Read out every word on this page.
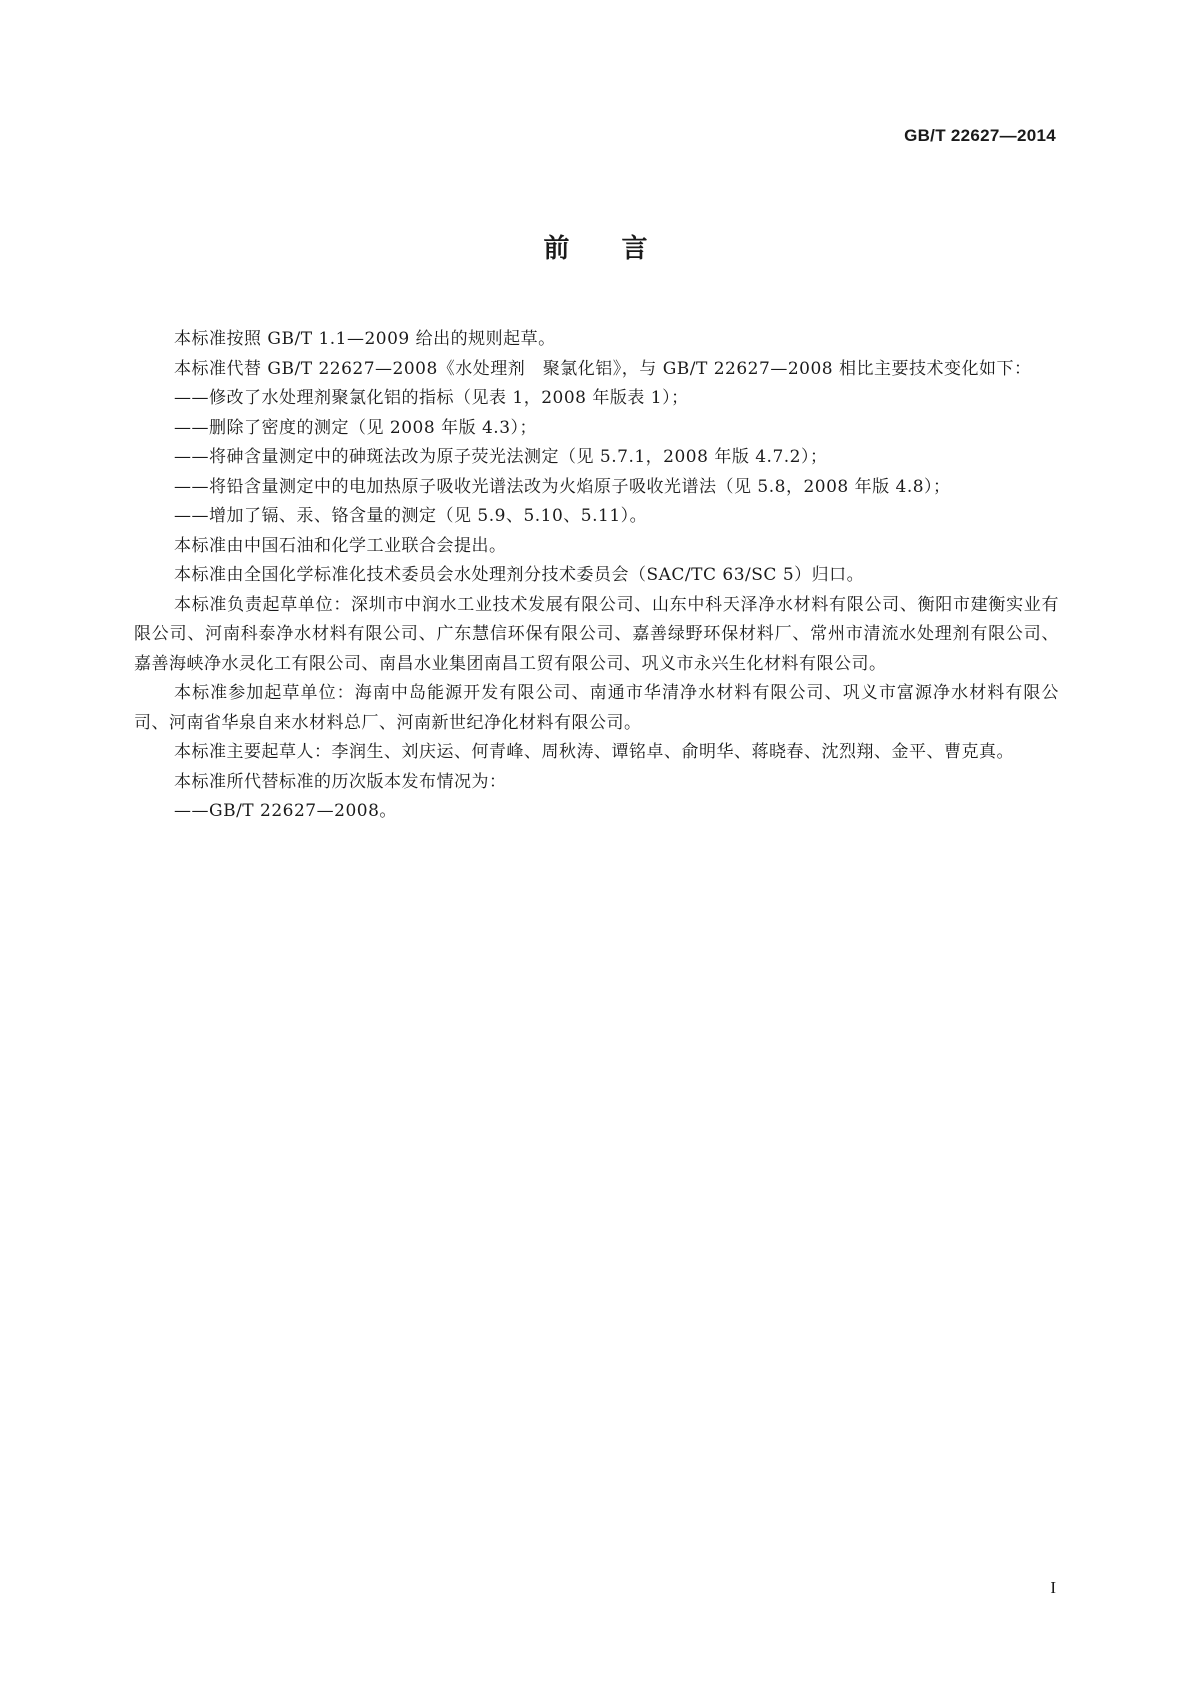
GB/T 22627—2014
前言

本标准按照 GB/T 1.1—2009 给出的规则起草。

本标准代替 GB/T 22627—2008《水处理剂　聚氯化铝》，与 GB/T 22627—2008 相比主要技术变化如下：

——修改了水处理剂聚氯化铝的指标（见表 1，2008 年版表 1）；

——删除了密度的测定（见 2008 年版 4.3）；

——将砷含量测定中的砷斑法改为原子荧光法测定（见 5.7.1，2008 年版 4.7.2）；

——将铅含量测定中的电加热原子吸收光谱法改为火焰原子吸收光谱法（见 5.8，2008 年版 4.8）；

——增加了镉、汞、铬含量的测定（见 5.9、5.10、5.11）。

本标准由中国石油和化学工业联合会提出。

本标准由全国化学标准化技术委员会水处理剂分技术委员会（SAC/TC 63/SC 5）归口。

本标准负责起草单位：深圳市中润水工业技术发展有限公司、山东中科天泽净水材料有限公司、衡阳市建衡实业有限公司、河南科泰净水材料有限公司、广东慧信环保有限公司、嘉善绿野环保材料厂、常州市清流水处理剂有限公司、嘉善海峡净水灵化工有限公司、南昌水业集团南昌工贸有限公司、巩义市永兴生化材料有限公司。

本标准参加起草单位：海南中岛能源开发有限公司、南通市华清净水材料有限公司、巩义市富源净水材料有限公司、河南省华泉自来水材料总厂、河南新世纪净化材料有限公司。

本标准主要起草人：李润生、刘庆运、何青峰、周秋涛、谭铭卓、俞明华、蒋晓春、沈烈翔、金平、曹克真。

本标准所代替标准的历次版本发布情况为：

——GB/T 22627—2008。

I
